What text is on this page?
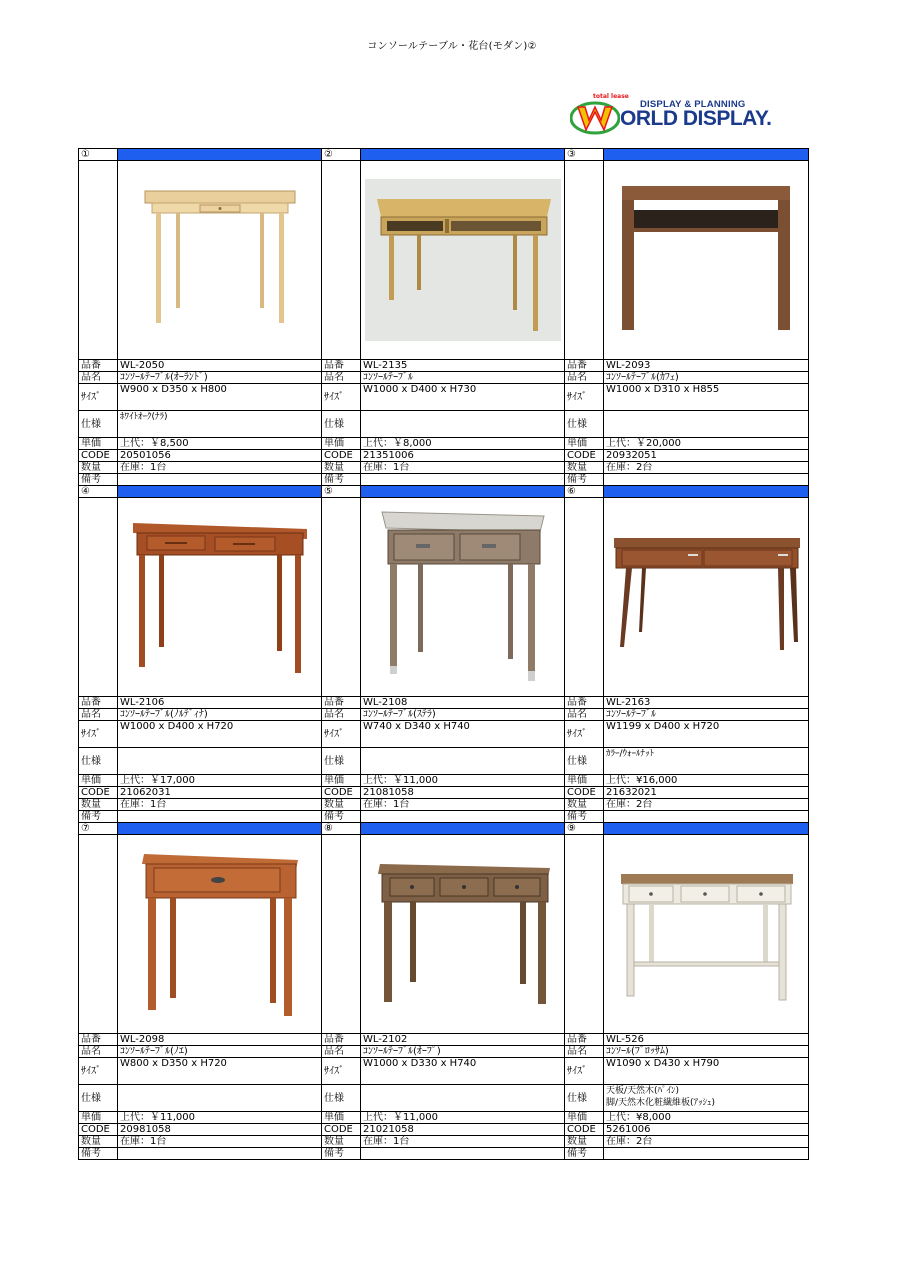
コンソールテーブル・花台(モダン)②
total lease
DISPLAY & PLANNING
ORLD DISPLAY.
①		②		③	

品番	WL-2050	品番	WL-2135	品番	WL-2093
品名	ｺﾝｿｰﾙﾃｰﾌﾞﾙ(ｵｰﾗﾝﾄﾞ)	品名	ｺﾝｿｰﾙﾃｰﾌﾞﾙ	品名	ｺﾝｿｰﾙﾃｰﾌﾞﾙ(ｶﾌｪ)
ｻｲｽﾞ	W900 x D350 x H800	ｻｲｽﾞ	W1000 x D400 x H730	ｻｲｽﾞ	W1000 x D310 x H855
仕様	ﾎﾜｲﾄｵｰｸ(ﾅﾗ)	仕様		仕様	

単価	上代：￥8,500	単価	上代：￥8,000	単価	上代：￥20,000
CODE	20501056	CODE	21351006	CODE	20932051
数量	在庫：1台	数量	在庫：1台	数量	在庫：2台
備考		備考		備考	
④		⑤		⑥	

品番	WL-2106	品番	WL-2108	品番	WL-2163
品名	ｺﾝｿｰﾙﾃｰﾌﾞﾙ(ﾉﾙﾃﾞｨﾅ)	品名	ｺﾝｿｰﾙﾃｰﾌﾞﾙ(ｽﾃﾗ)	品名	ｺﾝｿｰﾙﾃｰﾌﾞﾙ
ｻｲｽﾞ	W1000 x D400 x H720	ｻｲｽﾞ	W740 x D340 x H740	ｻｲｽﾞ	W1199 x D400 x H720
仕様		仕様		仕様	ｶﾗｰ/ｳｫｰﾙﾅｯﾄ

単価	上代：￥17,000	単価	上代：￥11,000	単価	上代：¥16,000
CODE	21062031	CODE	21081058	CODE	21632021
数量	在庫：1台	数量	在庫：1台	数量	在庫：2台
備考		備考		備考	
⑦		⑧		⑨	

品番	WL-2098	品番	WL-2102	品番	WL-526
品名	ｺﾝｿｰﾙﾃｰﾌﾞﾙ(ﾉｴ)	品名	ｺﾝｿｰﾙﾃｰﾌﾞﾙ(ｵｰﾌﾟ)	品名	ｺﾝｿｰﾙ(ﾌﾞﾛｯｻﾑ)
ｻｲｽﾞ	W800 x D350 x H720	ｻｲｽﾞ	W1000 x D330 x H740	ｻｲｽﾞ	W1090 x D430 x H790
仕様		仕様		仕様	天板/天然木(ﾊﾟｲﾝ)
脚/天然木化粧繊維板(ｱｯｼｭ)

単価	上代：￥11,000	単価	上代：￥11,000	単価	上代：¥8,000
CODE	20981058	CODE	21021058	CODE	5261006
数量	在庫：1台	数量	在庫：1台	数量	在庫：2台
備考		備考		備考	
